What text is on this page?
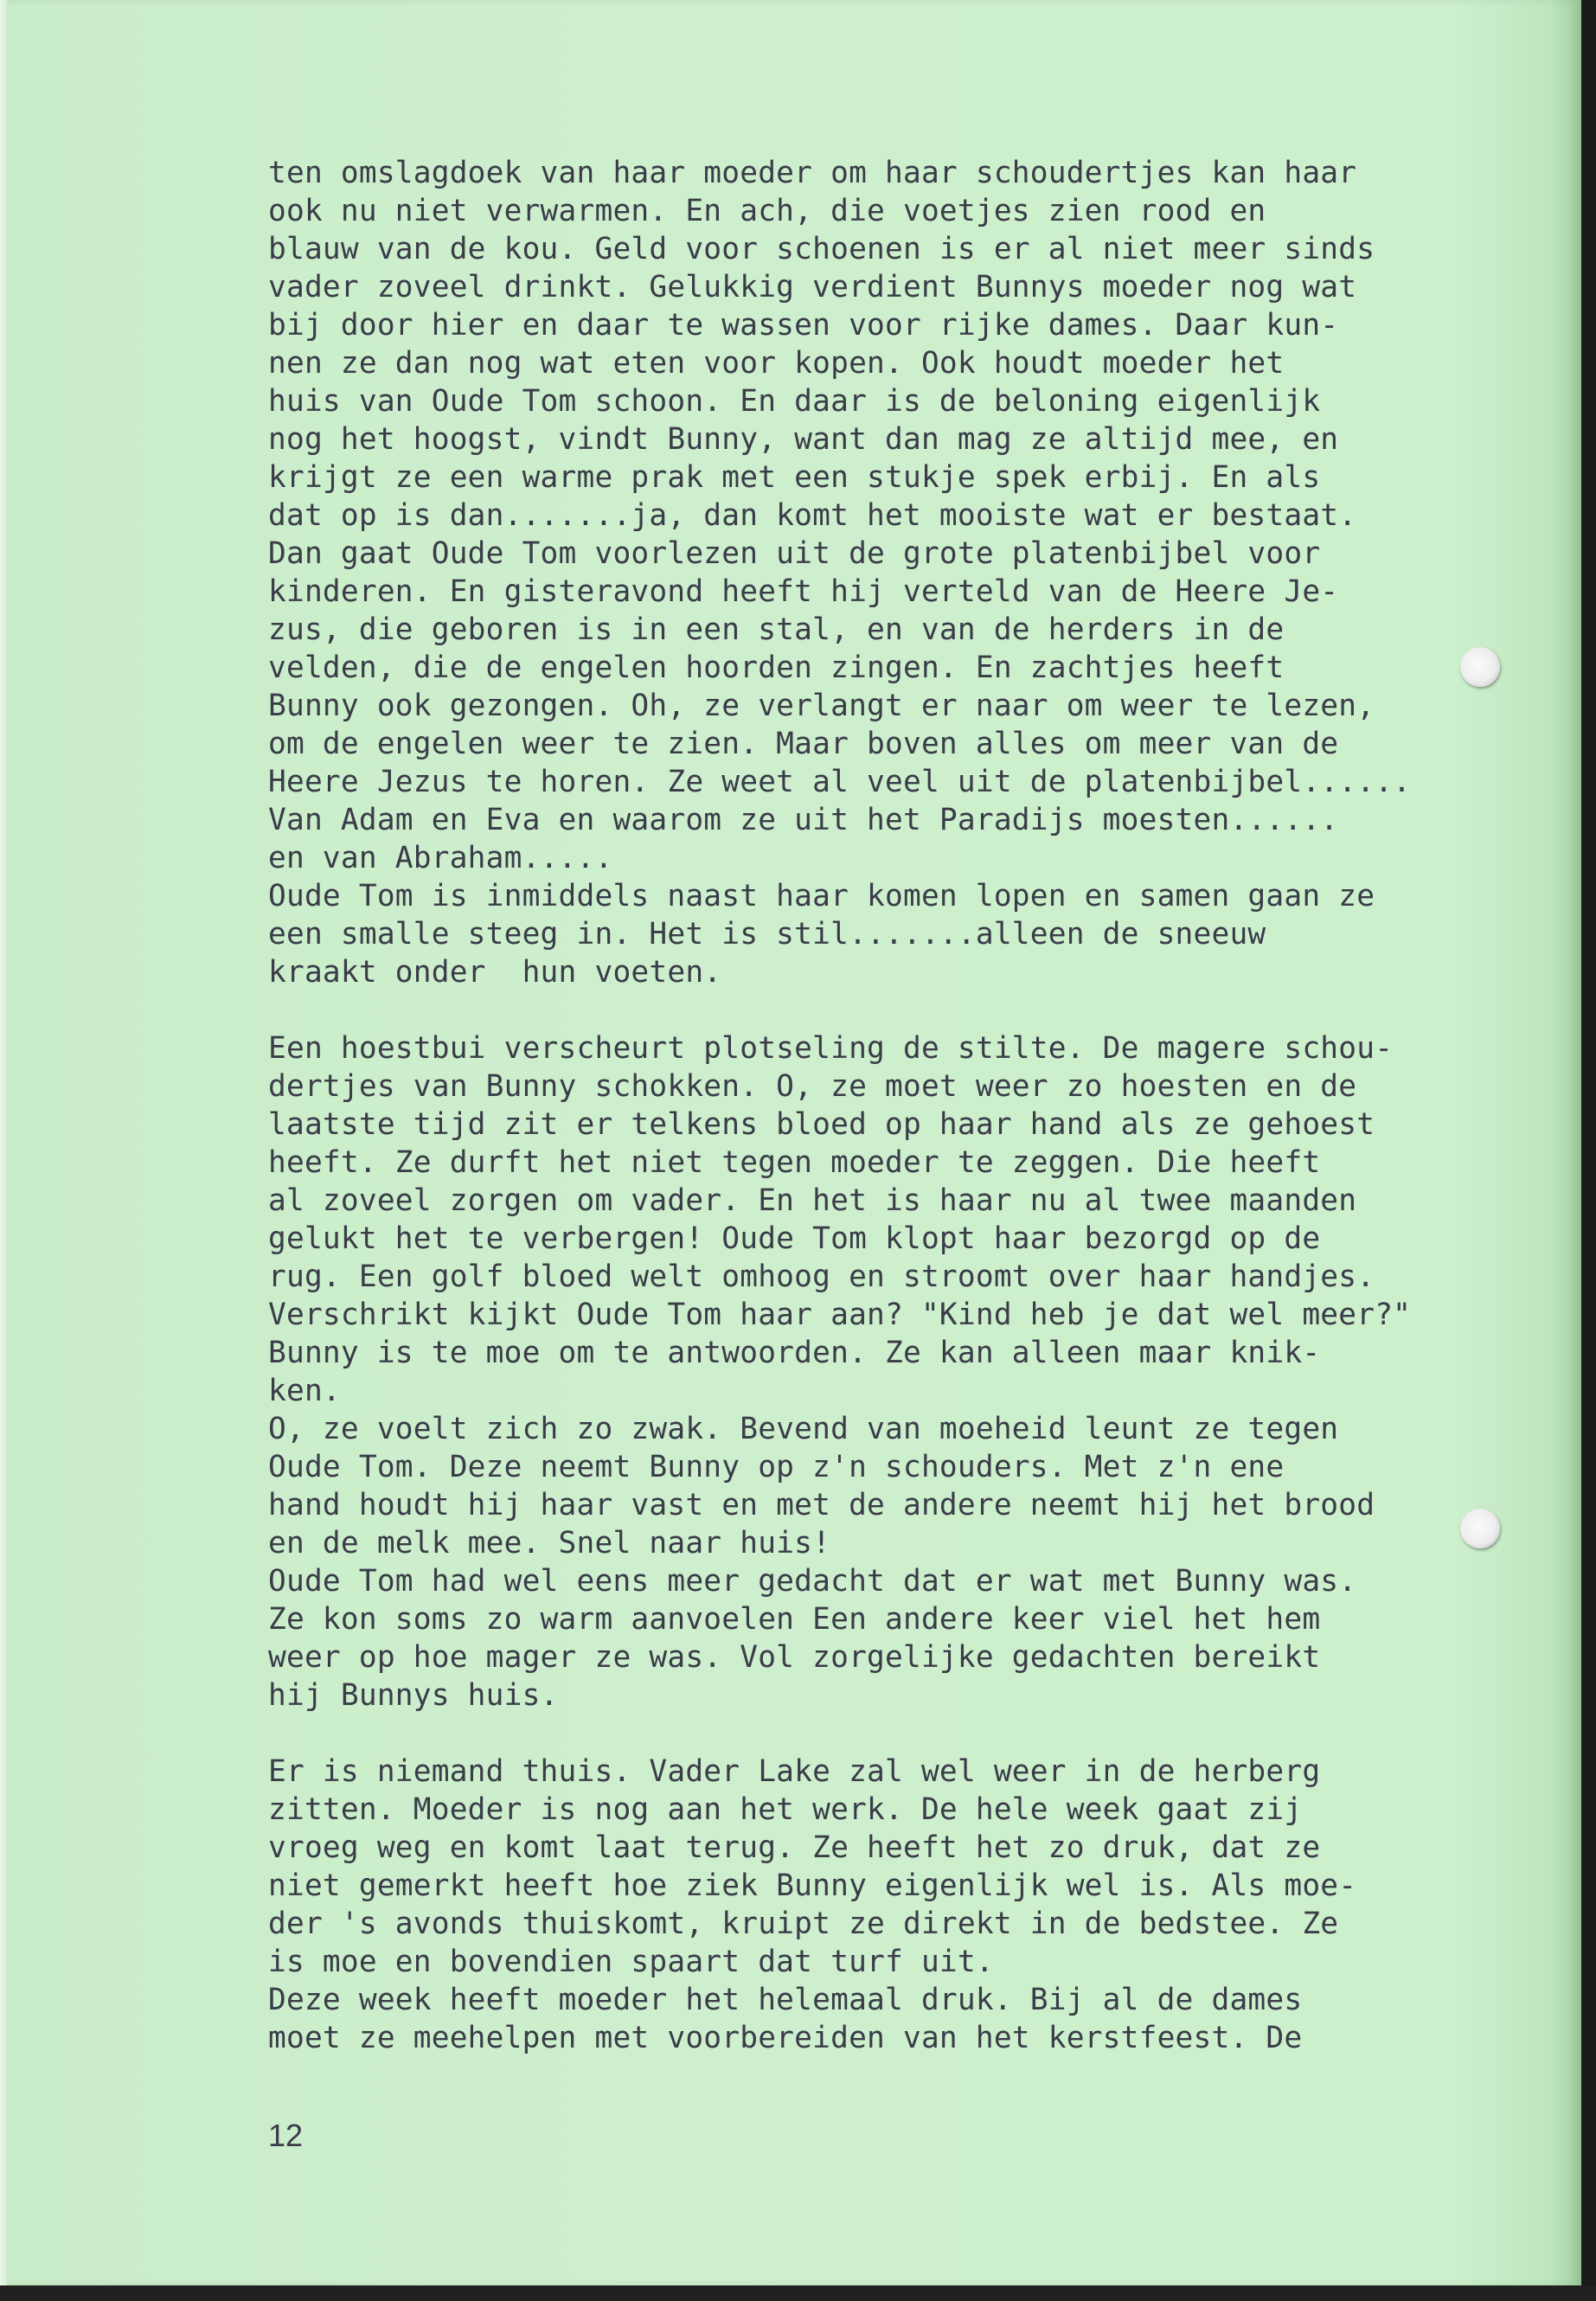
ten omslagdoek van haar moeder om haar schoudertjes kan haar
ook nu niet verwarmen. En ach, die voetjes zien rood en
blauw van de kou. Geld voor schoenen is er al niet meer sinds
vader zoveel drinkt. Gelukkig verdient Bunnys moeder nog wat
bij door hier en daar te wassen voor rijke dames. Daar kun-
nen ze dan nog wat eten voor kopen. Ook houdt moeder het
huis van Oude Tom schoon. En daar is de beloning eigenlijk
nog het hoogst, vindt Bunny, want dan mag ze altijd mee, en
krijgt ze een warme prak met een stukje spek erbij. En als
dat op is dan.......ja, dan komt het mooiste wat er bestaat.
Dan gaat Oude Tom voorlezen uit de grote platenbijbel voor
kinderen. En gisteravond heeft hij verteld van de Heere Je-
zus, die geboren is in een stal, en van de herders in de
velden, die de engelen hoorden zingen. En zachtjes heeft
Bunny ook gezongen. Oh, ze verlangt er naar om weer te lezen,
om de engelen weer te zien. Maar boven alles om meer van de
Heere Jezus te horen. Ze weet al veel uit de platenbijbel......
Van Adam en Eva en waarom ze uit het Paradijs moesten......
en van Abraham.....
Oude Tom is inmiddels naast haar komen lopen en samen gaan ze
een smalle steeg in. Het is stil.......alleen de sneeuw
kraakt onder  hun voeten.
Een hoestbui verscheurt plotseling de stilte. De magere schou-
dertjes van Bunny schokken. O, ze moet weer zo hoesten en de
laatste tijd zit er telkens bloed op haar hand als ze gehoest
heeft. Ze durft het niet tegen moeder te zeggen. Die heeft
al zoveel zorgen om vader. En het is haar nu al twee maanden
gelukt het te verbergen! Oude Tom klopt haar bezorgd op de
rug. Een golf bloed welt omhoog en stroomt over haar handjes.
Verschrikt kijkt Oude Tom haar aan? "Kind heb je dat wel meer?"
Bunny is te moe om te antwoorden. Ze kan alleen maar knik-
ken.
O, ze voelt zich zo zwak. Bevend van moeheid leunt ze tegen
Oude Tom. Deze neemt Bunny op z'n schouders. Met z'n ene
hand houdt hij haar vast en met de andere neemt hij het brood
en de melk mee. Snel naar huis!
Oude Tom had wel eens meer gedacht dat er wat met Bunny was.
Ze kon soms zo warm aanvoelen Een andere keer viel het hem
weer op hoe mager ze was. Vol zorgelijke gedachten bereikt
hij Bunnys huis.
Er is niemand thuis. Vader Lake zal wel weer in de herberg
zitten. Moeder is nog aan het werk. De hele week gaat zij
vroeg weg en komt laat terug. Ze heeft het zo druk, dat ze
niet gemerkt heeft hoe ziek Bunny eigenlijk wel is. Als moe-
der 's avonds thuiskomt, kruipt ze direkt in de bedstee. Ze
is moe en bovendien spaart dat turf uit.
Deze week heeft moeder het helemaal druk. Bij al de dames
moet ze meehelpen met voorbereiden van het kerstfeest. De
12
